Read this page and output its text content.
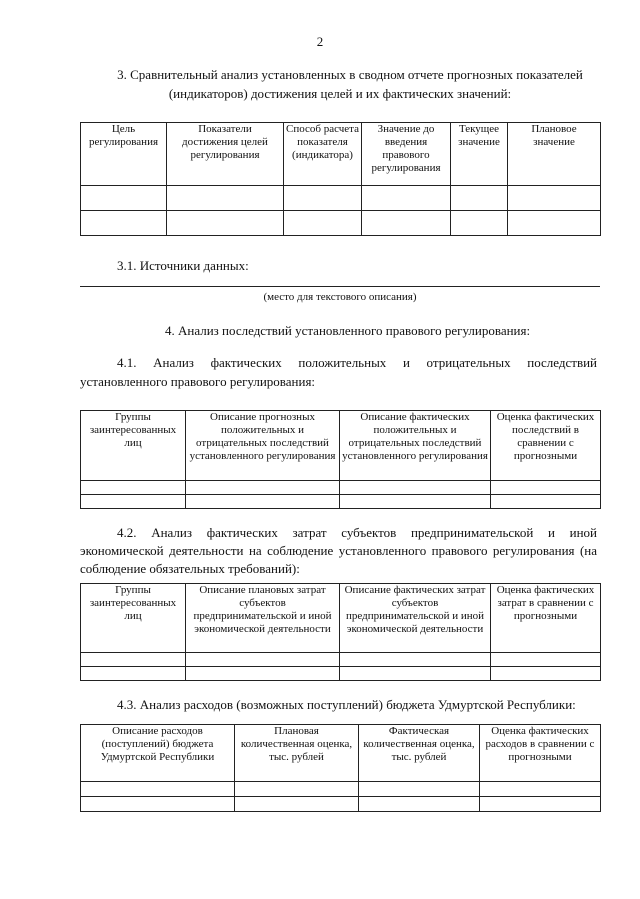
2
3. Сравнительный анализ установленных в сводном отчете прогнозных показателей
(индикаторов) достижения целей и их фактических значений:
Цель регулирования	Показатели достижения целей регулирования	Способ расчета показателя (индикатора)	Значение до введения правового регулирования	Текущее значение	Плановое значение

3.1. Источники данных:
(место для текстового описания)
4. Анализ последствий установленного правового регулирования:
4.1. Анализ фактических положительных и отрицательных последствий
установленного правового регулирования:
Группы заинтересованных лиц	Описание прогнозных положительных и отрицательных последствий установленного регулирования	Описание фактических положительных и отрицательных последствий установленного регулирования	Оценка фактических последствий в сравнении с прогнозными

4.2. Анализ фактических затрат субъектов предпринимательской и иной
экономической деятельности на соблюдение установленного правового регулирования (на
соблюдение обязательных требований):
Группы заинтересованных лиц	Описание плановых затрат субъектов предпринимательской и иной экономической деятельности	Описание фактических затрат субъектов предпринимательской и иной экономической деятельности	Оценка фактических затрат в сравнении с прогнозными

4.3. Анализ расходов (возможных поступлений) бюджета Удмуртской Республики:
Описание расходов (поступлений) бюджета Удмуртской Республики	Плановая количественная оценка, тыс. рублей	Фактическая количественная оценка, тыс. рублей	Оценка фактических расходов в сравнении с прогнозными
